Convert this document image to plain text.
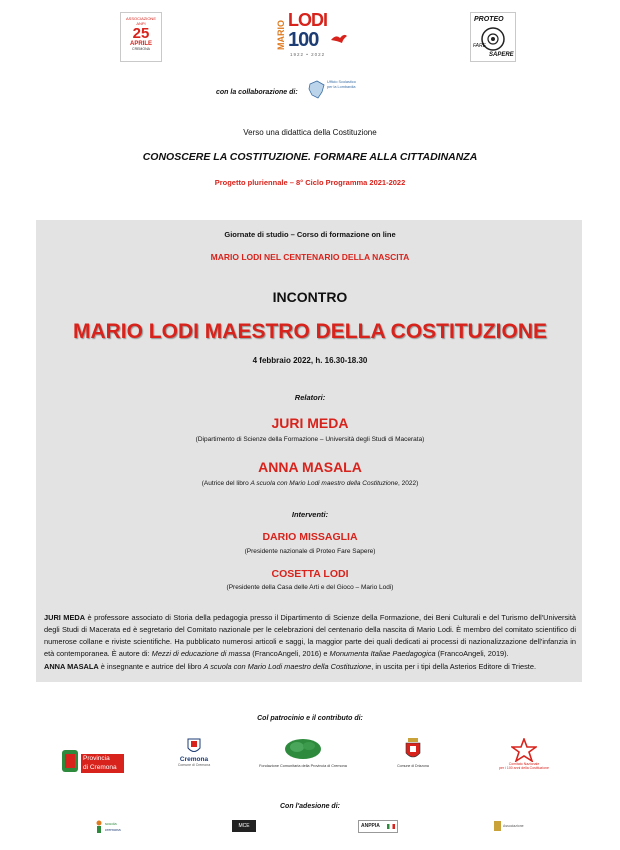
ASSOCIAZIONE
ANPI
25
APRILE
CREMONA	MARIO LODI
100
1922 • 2022
PROTEO
FARE
SAPERE
con la collaborazione di:
Ufficio Scolastico per la Lombardia
Verso una didattica della Costituzione
CONOSCERE LA COSTITUZIONE. FORMARE ALLA CITTADINANZA
Progetto pluriennale – 8° Ciclo Programma 2021-2022
Giornate di studio – Corso di formazione on line
MARIO LODI NEL CENTENARIO DELLA NASCITA
INCONTRO
MARIO LODI MAESTRO DELLA COSTITUZIONE
4 febbraio 2022, h. 16.30-18.30
Relatori:
JURI MEDA
(Dipartimento di Scienze della Formazione – Università degli Studi di Macerata)
ANNA MASALA
(Autrice del libro A scuola con Mario Lodi maestro della Costituzione, 2022)
Interventi:
DARIO MISSAGLIA
(Presidente nazionale di Proteo Fare Sapere)
COSETTA LODI
(Presidente della Casa delle Arti e del Gioco – Mario Lodi)
JURI MEDA è professore associato di Storia della pedagogia presso il Dipartimento di Scienze della Formazione, dei Beni Culturali e del Turismo dell'Università degli Studi di Macerata ed è segretario del Comitato nazionale per le celebrazioni del centenario della nascita di Mario Lodi. È membro del comitato scientifico di numerose collane e riviste scientifiche. Ha pubblicato numerosi articoli e saggi, la maggior parte dei quali dedicati ai processi di nazionalizzazione dell'infanzia in età contemporanea. È autore di: Mezzi di educazione di massa (FrancoAngeli, 2016) e Monumenta Italiae Paedagogica (FrancoAngeli, 2019).
ANNA MASALA è insegnante e autrice del libro A scuola con Mario Lodi maestro della Costituzione, in uscita per i tipi della Asterios Editore di Trieste.
Col patrocinio e il contributo di:
Provincia
di Cremona
Cremona
Comune di Cremona	Fondazione Comunitaria della Provincia di Cremona	Comune di Drizzona	Comitato Nazionale
per i 100 anni della Costituzione
Con l'adesione di:
scuola
cremona
MCE	ANPPIA	Associazione
